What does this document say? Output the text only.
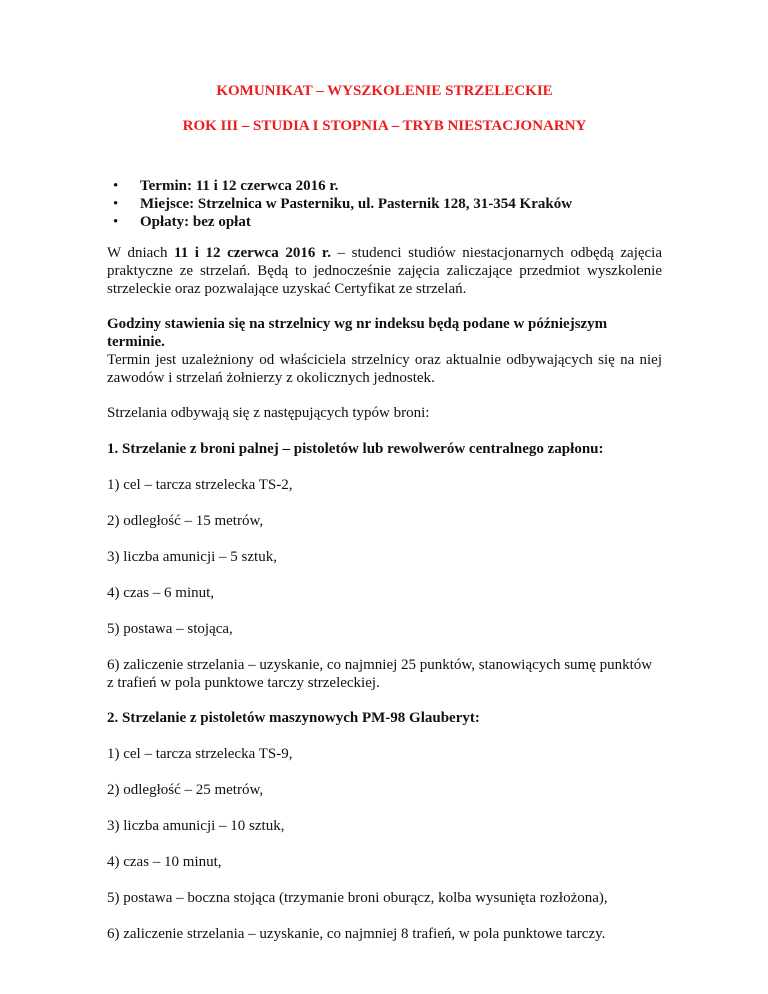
KOMUNIKAT – WYSZKOLENIE STRZELECKIE
ROK III – STUDIA I STOPNIA – TRYB NIESTACJONARNY
• Termin: 11 i 12 czerwca 2016 r.
• Miejsce: Strzelnica w Pasterniku, ul. Pasternik 128, 31-354 Kraków
• Opłaty: bez opłat

W dniach 11 i 12 czerwca 2016 r. – studenci studiów niestacjonarnych odbędą zajęcia praktyczne ze strzelań. Będą to jednocześnie zajęcia zaliczające przedmiot wyszkolenie strzeleckie oraz pozwalające uzyskać Certyfikat ze strzelań.

Godziny stawienia się na strzelnicy wg nr indeksu będą podane w późniejszym terminie.

Termin jest uzależniony od właściciela strzelnicy oraz aktualnie odbywających się na niej zawodów i strzelań żołnierzy z okolicznych jednostek.

Strzelania odbywają się z następujących typów broni:

1. Strzelanie z broni palnej – pistoletów lub rewolwerów centralnego zapłonu:

1) cel – tarcza strzelecka TS-2,

2) odległość – 15 metrów,

3) liczba amunicji – 5 sztuk,

4) czas – 6 minut,

5) postawa – stojąca,

6) zaliczenie strzelania – uzyskanie, co najmniej 25 punktów, stanowiących sumę punktów z trafień w pola punktowe tarczy strzeleckiej.

2. Strzelanie z pistoletów maszynowych PM-98 Glauberyt:

1) cel – tarcza strzelecka TS-9,

2) odległość – 25 metrów,

3) liczba amunicji – 10 sztuk,

4) czas – 10 minut,

5) postawa – boczna stojąca (trzymanie broni oburącz, kolba wysunięta rozłożona),

6) zaliczenie strzelania – uzyskanie, co najmniej 8 trafień, w pola punktowe tarczy.
